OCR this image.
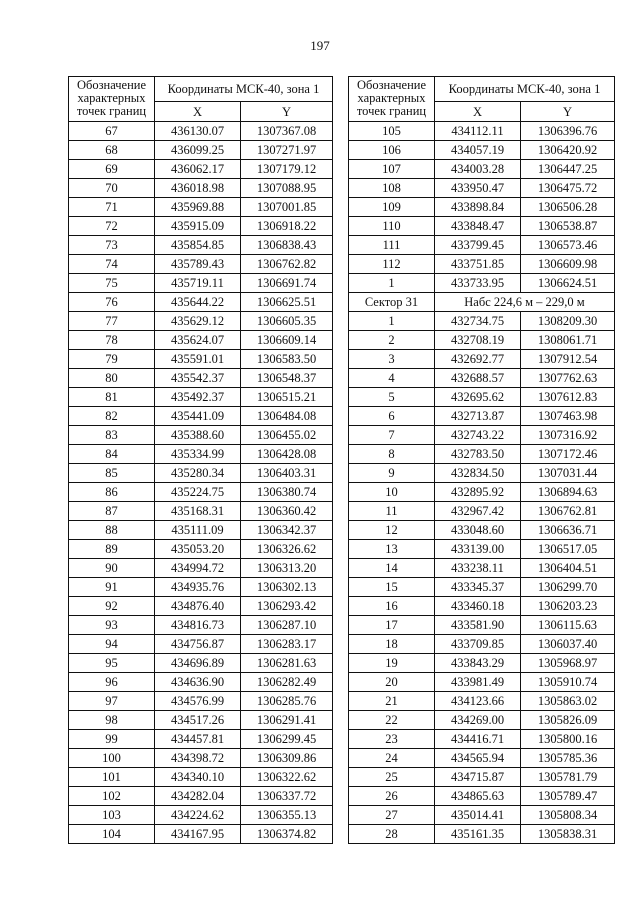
197
Обозначение характерных точек границ	Координаты МСК-40, зона 1	
	X	Y
67	436130.07	1307367.08
68	436099.25	1307271.97
69	436062.17	1307179.12
70	436018.98	1307088.95
71	435969.88	1307001.85
72	435915.09	1306918.22
73	435854.85	1306838.43
74	435789.43	1306762.82
75	435719.11	1306691.74
76	435644.22	1306625.51
77	435629.12	1306605.35
78	435624.07	1306609.14
79	435591.01	1306583.50
80	435542.37	1306548.37
81	435492.37	1306515.21
82	435441.09	1306484.08
83	435388.60	1306455.02
84	435334.99	1306428.08
85	435280.34	1306403.31
86	435224.75	1306380.74
87	435168.31	1306360.42
88	435111.09	1306342.37
89	435053.20	1306326.62
90	434994.72	1306313.20
91	434935.76	1306302.13
92	434876.40	1306293.42
93	434816.73	1306287.10
94	434756.87	1306283.17
95	434696.89	1306281.63
96	434636.90	1306282.49
97	434576.99	1306285.76
98	434517.26	1306291.41
99	434457.81	1306299.45
100	434398.72	1306309.86
101	434340.10	1306322.62
102	434282.04	1306337.72
103	434224.62	1306355.13
104	434167.95	1306374.82
Обозначение характерных точек границ	Координаты МСК-40, зона 1	
	X	Y
105	434112.11	1306396.76
106	434057.19	1306420.92
107	434003.28	1306447.25
108	433950.47	1306475.72
109	433898.84	1306506.28
110	433848.47	1306538.87
111	433799.45	1306573.46
112	433751.85	1306609.98
1	433733.95	1306624.51
Сектор 31	Набс 224,6 м – 229,0 м	
1	432734.75	1308209.30
2	432708.19	1308061.71
3	432692.77	1307912.54
4	432688.57	1307762.63
5	432695.62	1307612.83
6	432713.87	1307463.98
7	432743.22	1307316.92
8	432783.50	1307172.46
9	432834.50	1307031.44
10	432895.92	1306894.63
11	432967.42	1306762.81
12	433048.60	1306636.71
13	433139.00	1306517.05
14	433238.11	1306404.51
15	433345.37	1306299.70
16	433460.18	1306203.23
17	433581.90	1306115.63
18	433709.85	1306037.40
19	433843.29	1305968.97
20	433981.49	1305910.74
21	434123.66	1305863.02
22	434269.00	1305826.09
23	434416.71	1305800.16
24	434565.94	1305785.36
25	434715.87	1305781.79
26	434865.63	1305789.47
27	435014.41	1305808.34
28	435161.35	1305838.31
